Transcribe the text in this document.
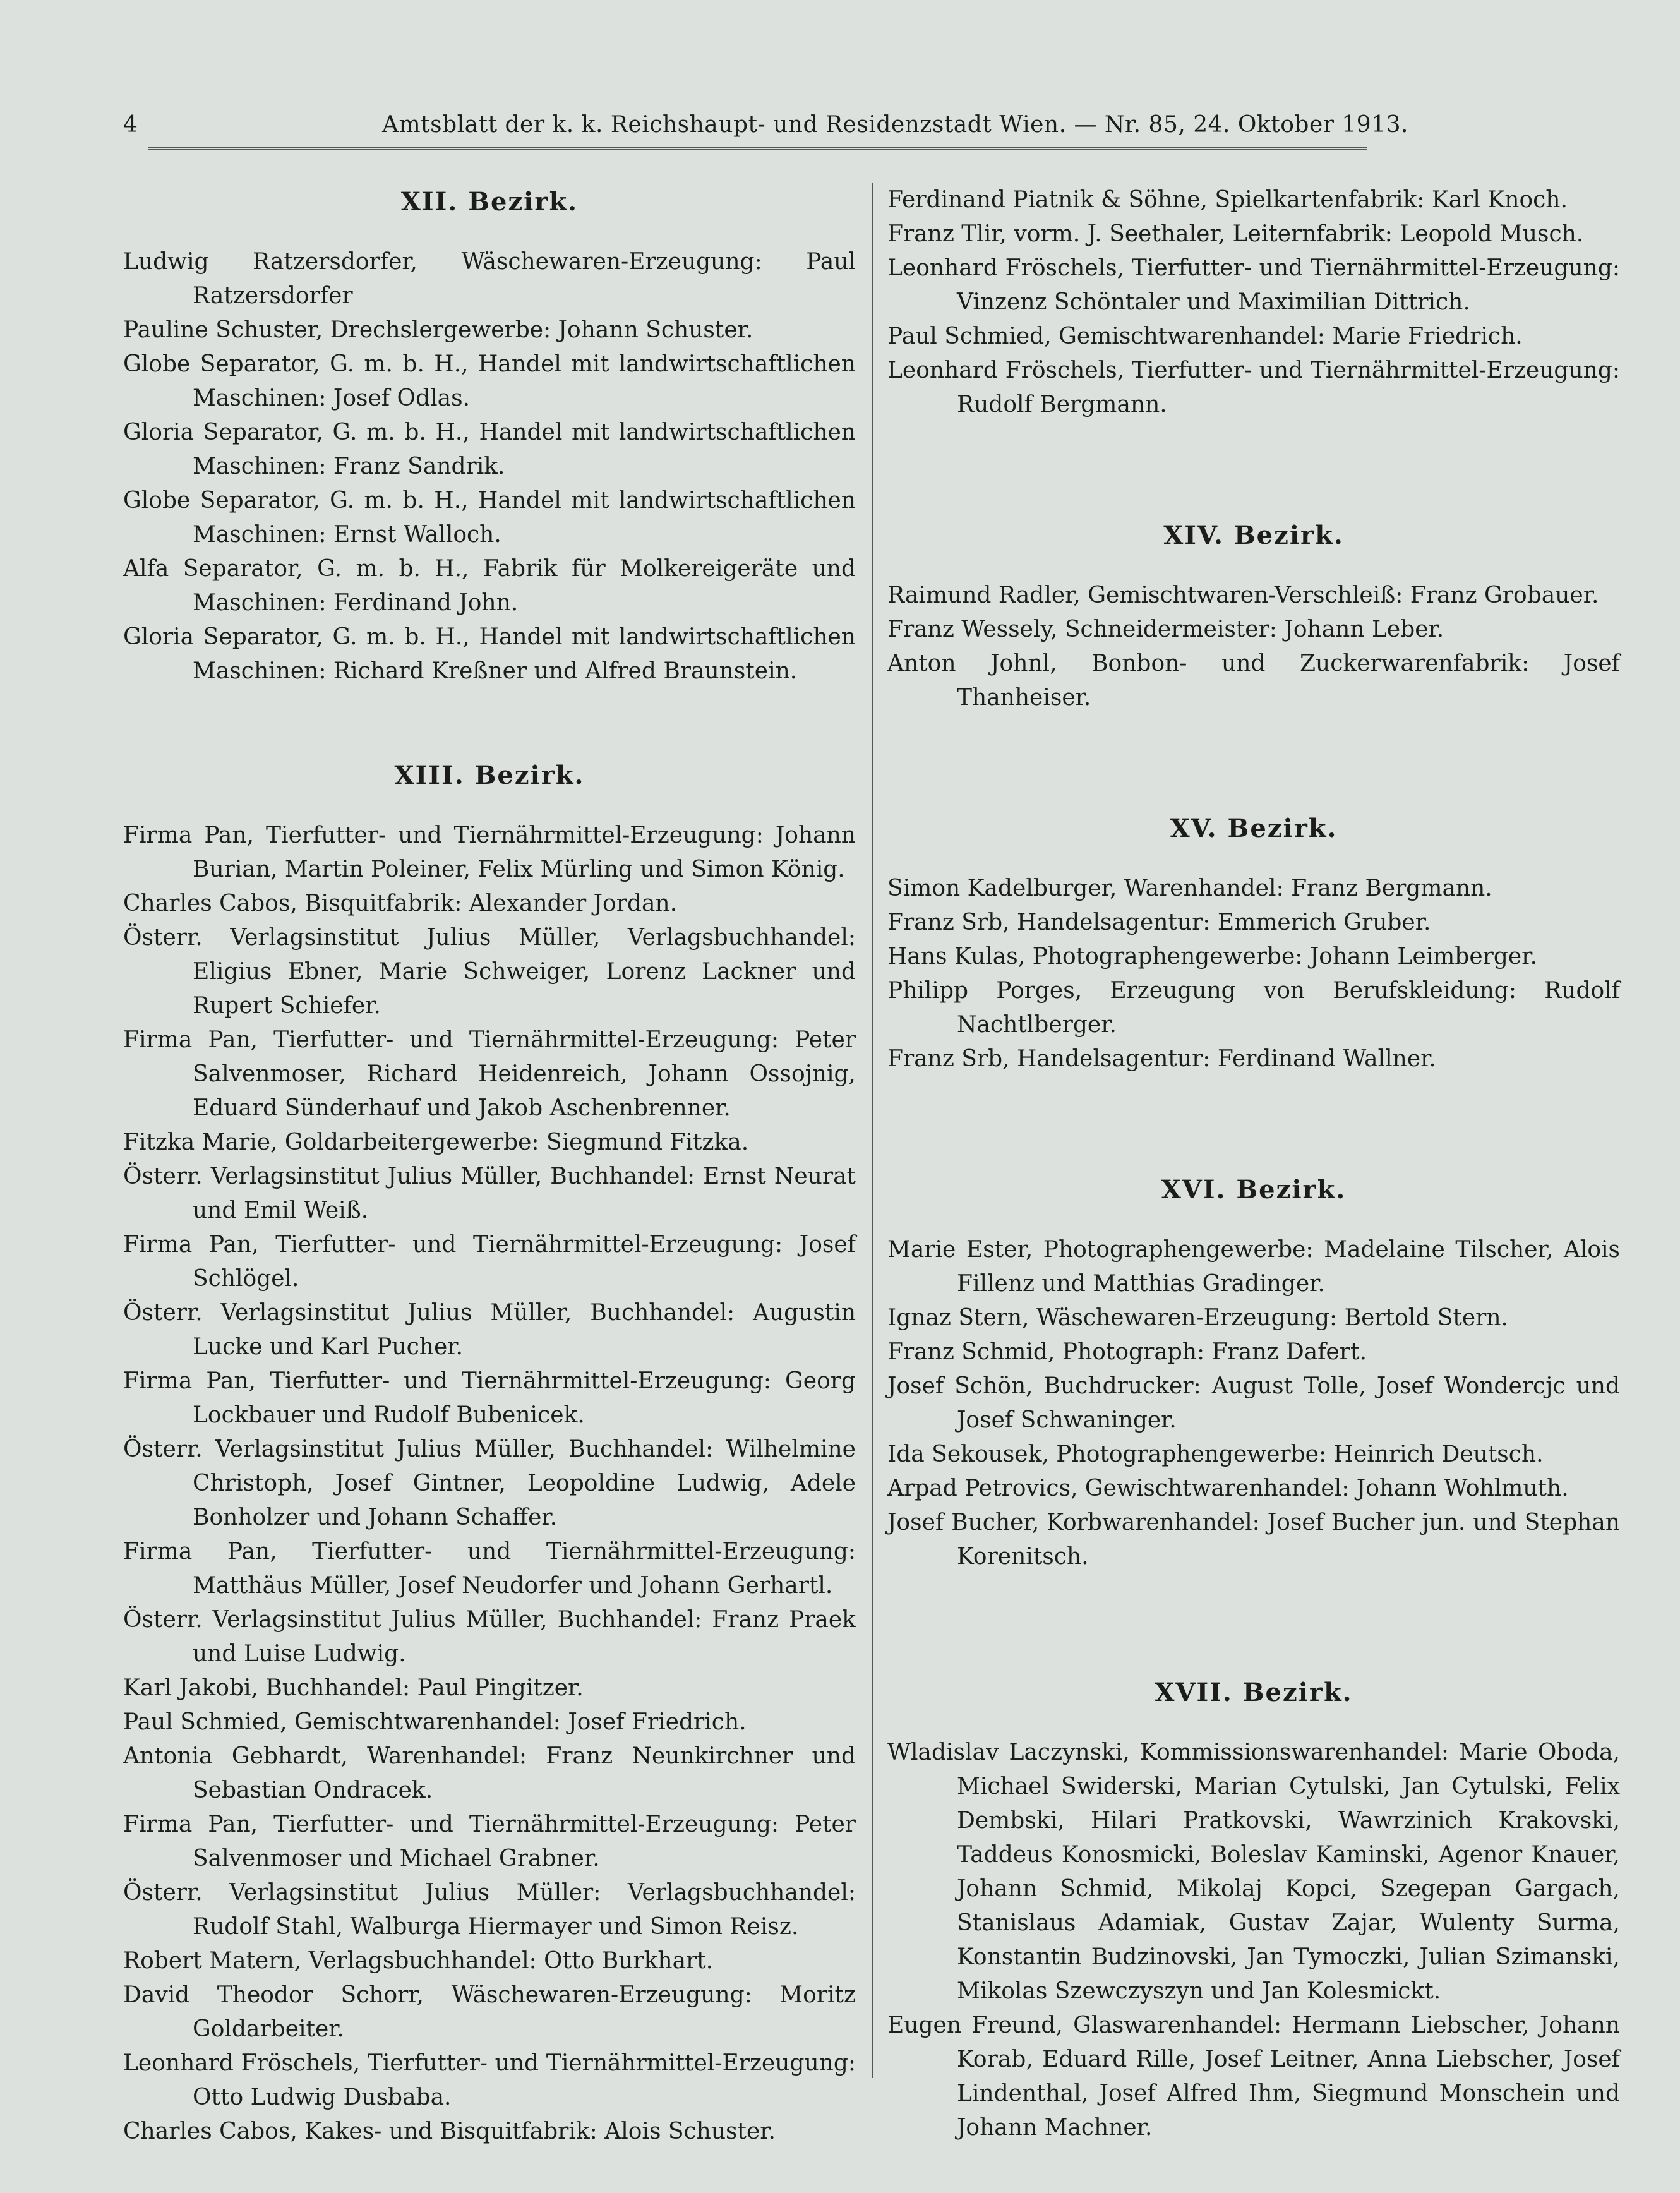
4	Amtsblatt der k. k. Reichshaupt- und Residenzstadt Wien. — Nr. 85, 24. Oktober 1913.
XII. Bezirk.

Ludwig Ratzersdorfer, Wäschewaren-Erzeugung: Paul Ratzersdorfer

Pauline Schuster, Drechslergewerbe: Johann Schuster.

Globe Separator, G. m. b. H., Handel mit landwirtschaftlichen Maschinen: Josef Odlas.

Gloria Separator, G. m. b. H., Handel mit landwirtschaftlichen Maschinen: Franz Sandrik.

Globe Separator, G. m. b. H., Handel mit landwirtschaftlichen Maschinen: Ernst Walloch.

Alfa Separator, G. m. b. H., Fabrik für Molkereigeräte und Maschinen: Ferdinand John.

Gloria Separator, G. m. b. H., Handel mit landwirtschaftlichen Maschinen: Richard Kreßner und Alfred Braunstein.

XIII. Bezirk.

Firma Pan, Tierfutter- und Tiernährmittel-Erzeugung: Johann Burian, Martin Poleiner, Felix Mürling und Simon König.

Charles Cabos, Bisquitfabrik: Alexander Jordan.

Österr. Verlagsinstitut Julius Müller, Verlagsbuchhandel: Eligius Ebner, Marie Schweiger, Lorenz Lackner und Rupert Schiefer.

Firma Pan, Tierfutter- und Tiernährmittel-Erzeugung: Peter Salvenmoser, Richard Heidenreich, Johann Ossojnig, Eduard Sünderhauf und Jakob Aschenbrenner.

Fitzka Marie, Goldarbeitergewerbe: Siegmund Fitzka.

Österr. Verlagsinstitut Julius Müller, Buchhandel: Ernst Neurat und Emil Weiß.

Firma Pan, Tierfutter- und Tiernährmittel-Erzeugung: Josef Schlögel.

Österr. Verlagsinstitut Julius Müller, Buchhandel: Augustin Lucke und Karl Pucher.

Firma Pan, Tierfutter- und Tiernährmittel-Erzeugung: Georg Lockbauer und Rudolf Bubenicek.

Österr. Verlagsinstitut Julius Müller, Buchhandel: Wilhelmine Christoph, Josef Gintner, Leopoldine Ludwig, Adele Bonholzer und Johann Schaffer.

Firma Pan, Tierfutter- und Tiernährmittel-Erzeugung: Matthäus Müller, Josef Neudorfer und Johann Gerhartl.

Österr. Verlagsinstitut Julius Müller, Buchhandel: Franz Praek und Luise Ludwig.

Karl Jakobi, Buchhandel: Paul Pingitzer.

Paul Schmied, Gemischtwarenhandel: Josef Friedrich.

Antonia Gebhardt, Warenhandel: Franz Neunkirchner und Sebastian Ondracek.

Firma Pan, Tierfutter- und Tiernährmittel-Erzeugung: Peter Salvenmoser und Michael Grabner.

Österr. Verlagsinstitut Julius Müller: Verlagsbuchhandel: Rudolf Stahl, Walburga Hiermayer und Simon Reisz.

Robert Matern, Verlagsbuchhandel: Otto Burkhart.

David Theodor Schorr, Wäschewaren-Erzeugung: Moritz Goldarbeiter.

Leonhard Fröschels, Tierfutter- und Tiernährmittel-Erzeugung: Otto Ludwig Dusbaba.

Charles Cabos, Kakes- und Bisquitfabrik: Alois Schuster.

Ferdinand Piatnik & Söhne, Spielkartenfabrik: Karl Knoch.

Franz Tlir, vorm. J. Seethaler, Leiternfabrik: Leopold Musch.

Leonhard Fröschels, Tierfutter- und Tiernährmittel-Erzeugung: Vinzenz Schöntaler und Maximilian Dittrich.

Paul Schmied, Gemischtwarenhandel: Marie Friedrich.

Leonhard Fröschels, Tierfutter- und Tiernährmittel-Erzeugung: Rudolf Bergmann.

XIV. Bezirk.

Raimund Radler, Gemischtwaren-Verschleiß: Franz Grobauer.

Franz Wessely, Schneidermeister: Johann Leber.

Anton Johnl, Bonbon- und Zuckerwarenfabrik: Josef Thanheiser.

XV. Bezirk.

Simon Kadelburger, Warenhandel: Franz Bergmann.

Franz Srb, Handelsagentur: Emmerich Gruber.

Hans Kulas, Photographengewerbe: Johann Leimberger.

Philipp Porges, Erzeugung von Berufskleidung: Rudolf Nachtlberger.

Franz Srb, Handelsagentur: Ferdinand Wallner.

XVI. Bezirk.

Marie Ester, Photographengewerbe: Madelaine Tilscher, Alois Fillenz und Matthias Gradinger.

Ignaz Stern, Wäschewaren-Erzeugung: Bertold Stern.

Franz Schmid, Photograph: Franz Dafert.

Josef Schön, Buchdrucker: August Tolle, Josef Wondercjc und Josef Schwaninger.

Ida Sekousek, Photographengewerbe: Heinrich Deutsch.

Arpad Petrovics, Gewischtwarenhandel: Johann Wohlmuth.

Josef Bucher, Korbwarenhandel: Josef Bucher jun. und Stephan Korenitsch.

XVII. Bezirk.

Wladislav Laczynski, Kommissionswarenhandel: Marie Oboda, Michael Swiderski, Marian Cytulski, Jan Cytulski, Felix Dembski, Hilari Pratkovski, Wawrzinich Krakovski, Taddeus Konosmicki, Boleslav Kaminski, Agenor Knauer, Johann Schmid, Mikolaj Kopci, Szegepan Gargach, Stanislaus Adamiak, Gustav Zajar, Wulenty Surma, Konstantin Budzinovski, Jan Tymoczki, Julian Szimanski, Mikolas Szewczyszyn und Jan Kolesmickt.

Eugen Freund, Glaswarenhandel: Hermann Liebscher, Johann Korab, Eduard Rille, Josef Leitner, Anna Liebscher, Josef Lindenthal, Josef Alfred Ihm, Siegmund Monschein und Johann Machner.
